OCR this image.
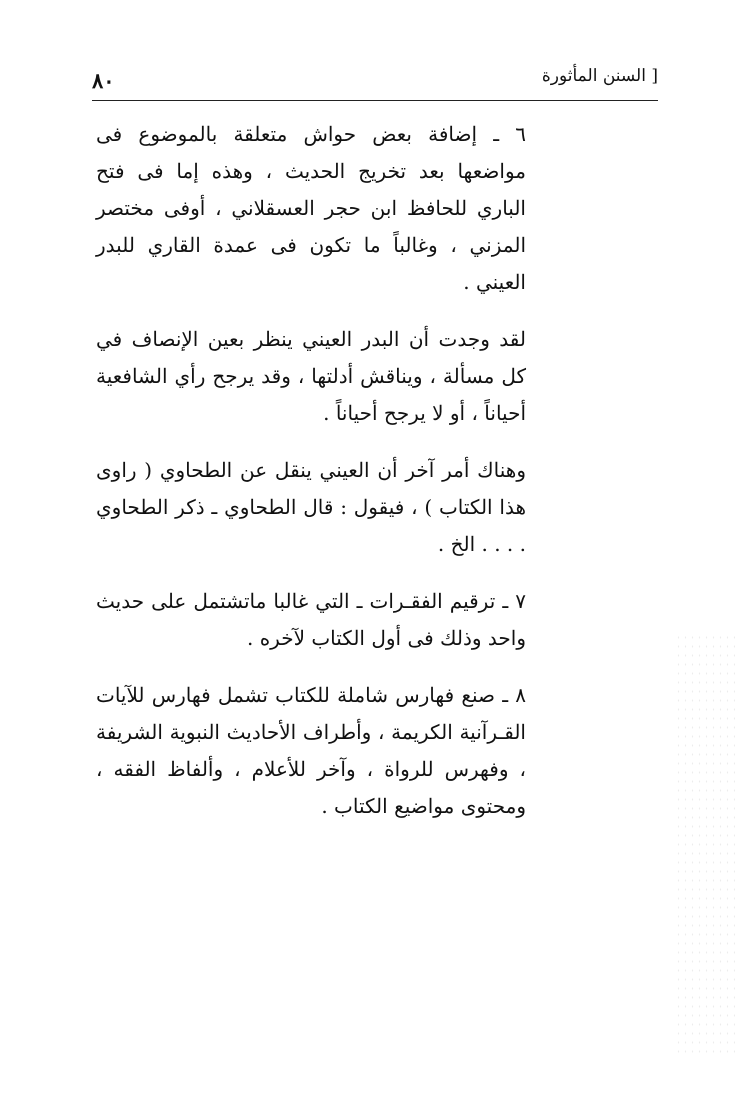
٨٠	[ السنن المأثورة

٦ ـ إضافة بعض حواش متعلقة بالموضوع فى مواضعها بعد تخريج الحديث ، وهذه إما فى فتح الباري للحافظ ابن حجر العسقلاني ، أوفى مختصر المزني ، وغالباً ما تكون فى عمدة القاري للبدر العيني .

لقد وجدت أن البدر العيني ينظر بعين الإنصاف في كل مسألة ، ويناقش أدلتها ، وقد يرجح رأي الشافعية أحياناً ، أو لا يرجح أحياناً .

وهناك أمر آخر أن العيني ينقل عن الطحاوي ( راوى هذا الكتاب ) ، فيقول : قال الطحاوي ـ ذكر الطحاوي . . . . الخ .

٧ ـ ترقيم الفقـرات ـ التي غالبا ماتشتمل على حديث واحد وذلك فى أول الكتاب لآخره .

٨ ـ صنع فهارس شاملة للكتاب تشمل فهارس للآيات القـرآنية الكريمة ، وأطراف الأحاديث النبوية الشريفة ، وفهرس للرواة ، وآخر للأعلام ، وألفاظ الفقه ، ومحتوى مواضيع الكتاب .
